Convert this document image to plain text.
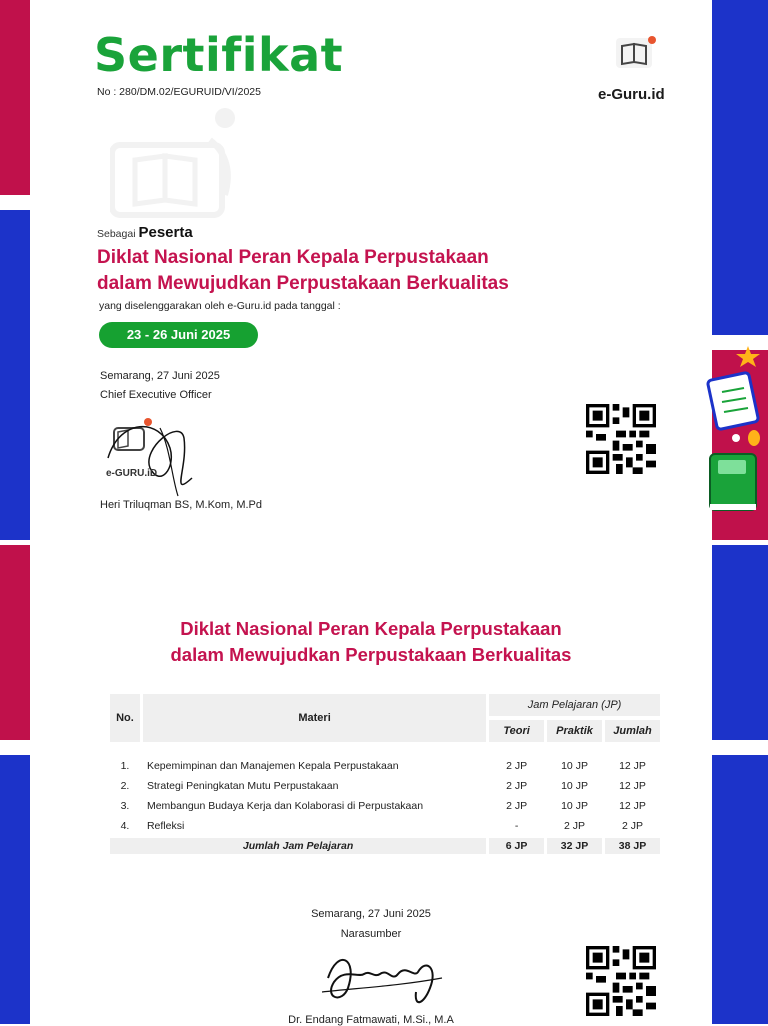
Sertifikat
No : 280/DM.02/EGURUID/VI/2025	e-Guru.id
Sebagai Peserta
Diklat Nasional Peran Kepala Perpustakaan
dalam Mewujudkan Perpustakaan Berkualitas
yang diselenggarakan oleh e-Guru.id pada tanggal :
23 - 26 Juni 2025
Semarang, 27 Juni 2025
Chief Executive Officer
e-GURU.iD
Heri Triluqman BS, M.Kom, M.Pd
Diklat Nasional Peran Kepala Perpustakaan
dalam Mewujudkan Perpustakaan Berkualitas
No.	Materi	Jam Pelajaran (JP)		
		Teori	Praktik	Jumlah

1.	Kepemimpinan dan Manajemen Kepala Perpustakaan	2 JP	10 JP	12 JP
2.	Strategi Peningkatan Mutu Perpustakaan	2 JP	10 JP	12 JP
3.	Membangun Budaya Kerja dan Kolaborasi di Perpustakaan	2 JP	10 JP	12 JP
4.	Refleksi	-	2 JP	2 JP
Jumlah Jam Pelajaran		6 JP	32 JP	38 JP
Semarang, 27 Juni 2025
Narasumber
Dr. Endang Fatmawati, M.Si., M.A
